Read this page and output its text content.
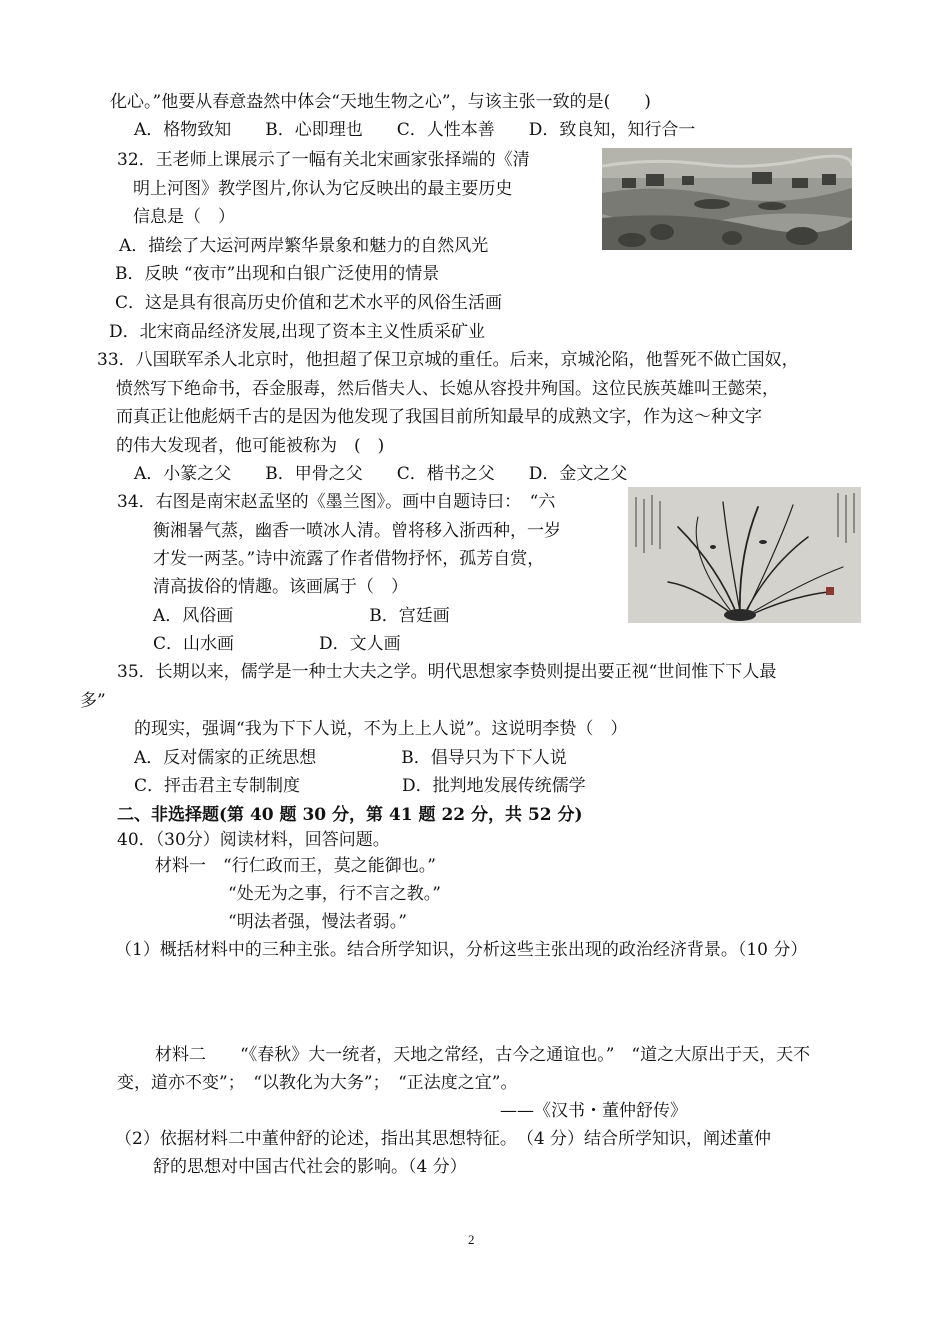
化心。”他要从春意盎然中体会“天地生物之心”，与该主张一致的是(　　)
A．格物致知　　B．心即理也　　C．人性本善　　D．致良知，知行合一
32．王老师上课展示了一幅有关北宋画家张择端的《清
明上河图》教学图片,你认为它反映出的最主要历史
信息是（　）
A．描绘了大运河两岸繁华景象和魅力的自然风光
B．反映 “夜市”出现和白银广泛使用的情景
C．这是具有很高历史价值和艺术水平的风俗生活画
D．北宋商品经济发展,出现了资本主义性质采矿业
33．八国联军杀人北京时，他担超了保卫京城的重任。后来，京城沦陷，他誓死不做亡国奴，
愤然写下绝命书，吞金服毒，然后偕夫人、长媳从容投井殉国。这位民族英雄叫王懿荣，
而真正让他彪炳千古的是因为他发现了我国目前所知最早的成熟文字，作为这～种文字
的伟大发现者，他可能被称为　(　)
A．小篆之父　　B．甲骨之父　　C．楷书之父　　D．金文之父
34．右图是南宋赵孟坚的《墨兰图》。画中自题诗曰：　“六
衡湘暑气蒸，幽香一喷冰人清。曾将移入浙西种，一岁
才发一两茎。”诗中流露了作者借物抒怀，孤芳自赏，
清高拔俗的情趣。该画属于（　）
A．风俗画　　　　　　　　B．宫廷画
C．山水画　　　　　D．文人画
35．长期以来，儒学是一种士大夫之学。明代思想家李贽则提出要正视“世间惟下下人最
多”
的现实，强调“我为下下人说，不为上上人说”。这说明李贽（　）
A．反对儒家的正统思想　　　　　B．倡导只为下下人说
C．抨击君主专制制度　　　　　　D．批判地发展传统儒学
二、非选择题(第 40 题 30 分，第 41 题 22 分，共 52 分)
40．（30分）阅读材料，回答问题。
材料一　“行仁政而王，莫之能御也。”
“处无为之事，行不言之教。”
“明法者强，慢法者弱。”
（1）概括材料中的三种主张。结合所学知识，分析这些主张出现的政治经济背景。（10 分）
材料二　　“《春秋》大一统者，天地之常经，古今之通谊也。”　“道之大原出于天，天不
变，道亦不变”；　“以教化为大务”；　“正法度之宜”。
——《汉书・董仲舒传》
（2）依据材料二中董仲舒的论述，指出其思想特征。　（4 分）结合所学知识，阐述董仲
舒的思想对中国古代社会的影响。（4 分）
2
